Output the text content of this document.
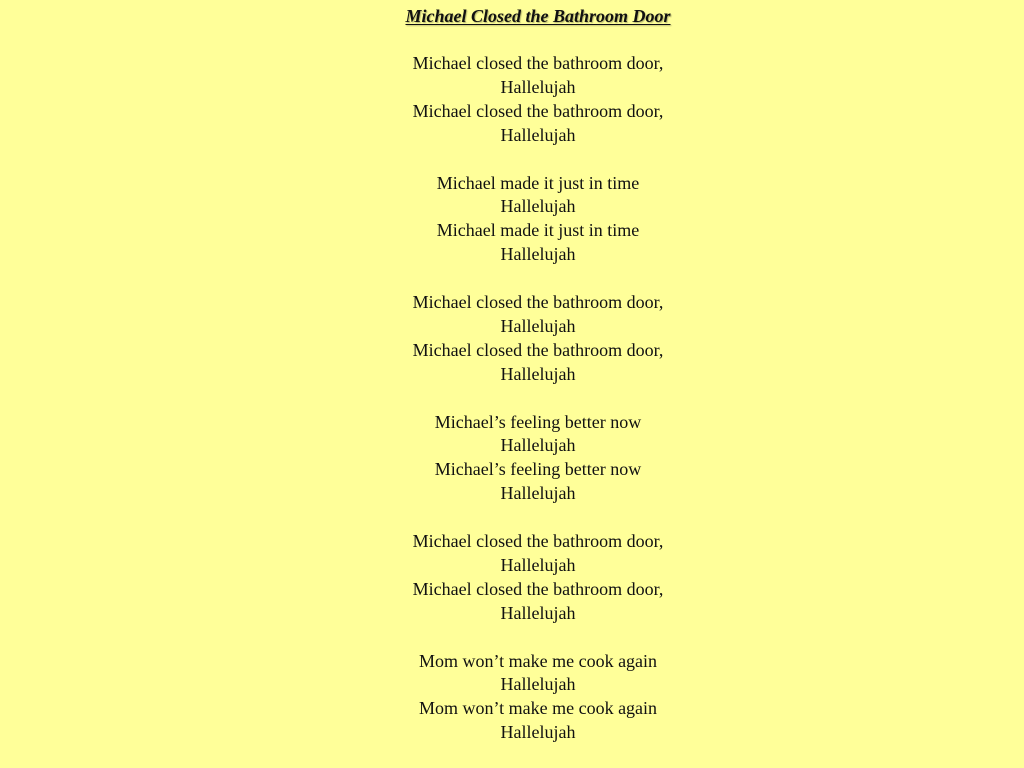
Michael Closed the Bathroom Door
Michael closed the bathroom door,
Hallelujah
Michael closed the bathroom door,
Hallelujah
Michael made it just in time
Hallelujah
Michael made it just in time
Hallelujah
Michael closed the bathroom door,
Hallelujah
Michael closed the bathroom door,
Hallelujah
Michael’s feeling better now
Hallelujah
Michael’s feeling better now
Hallelujah
Michael closed the bathroom door,
Hallelujah
Michael closed the bathroom door,
Hallelujah
Mom won’t make me cook again
Hallelujah
Mom won’t make me cook again
Hallelujah
